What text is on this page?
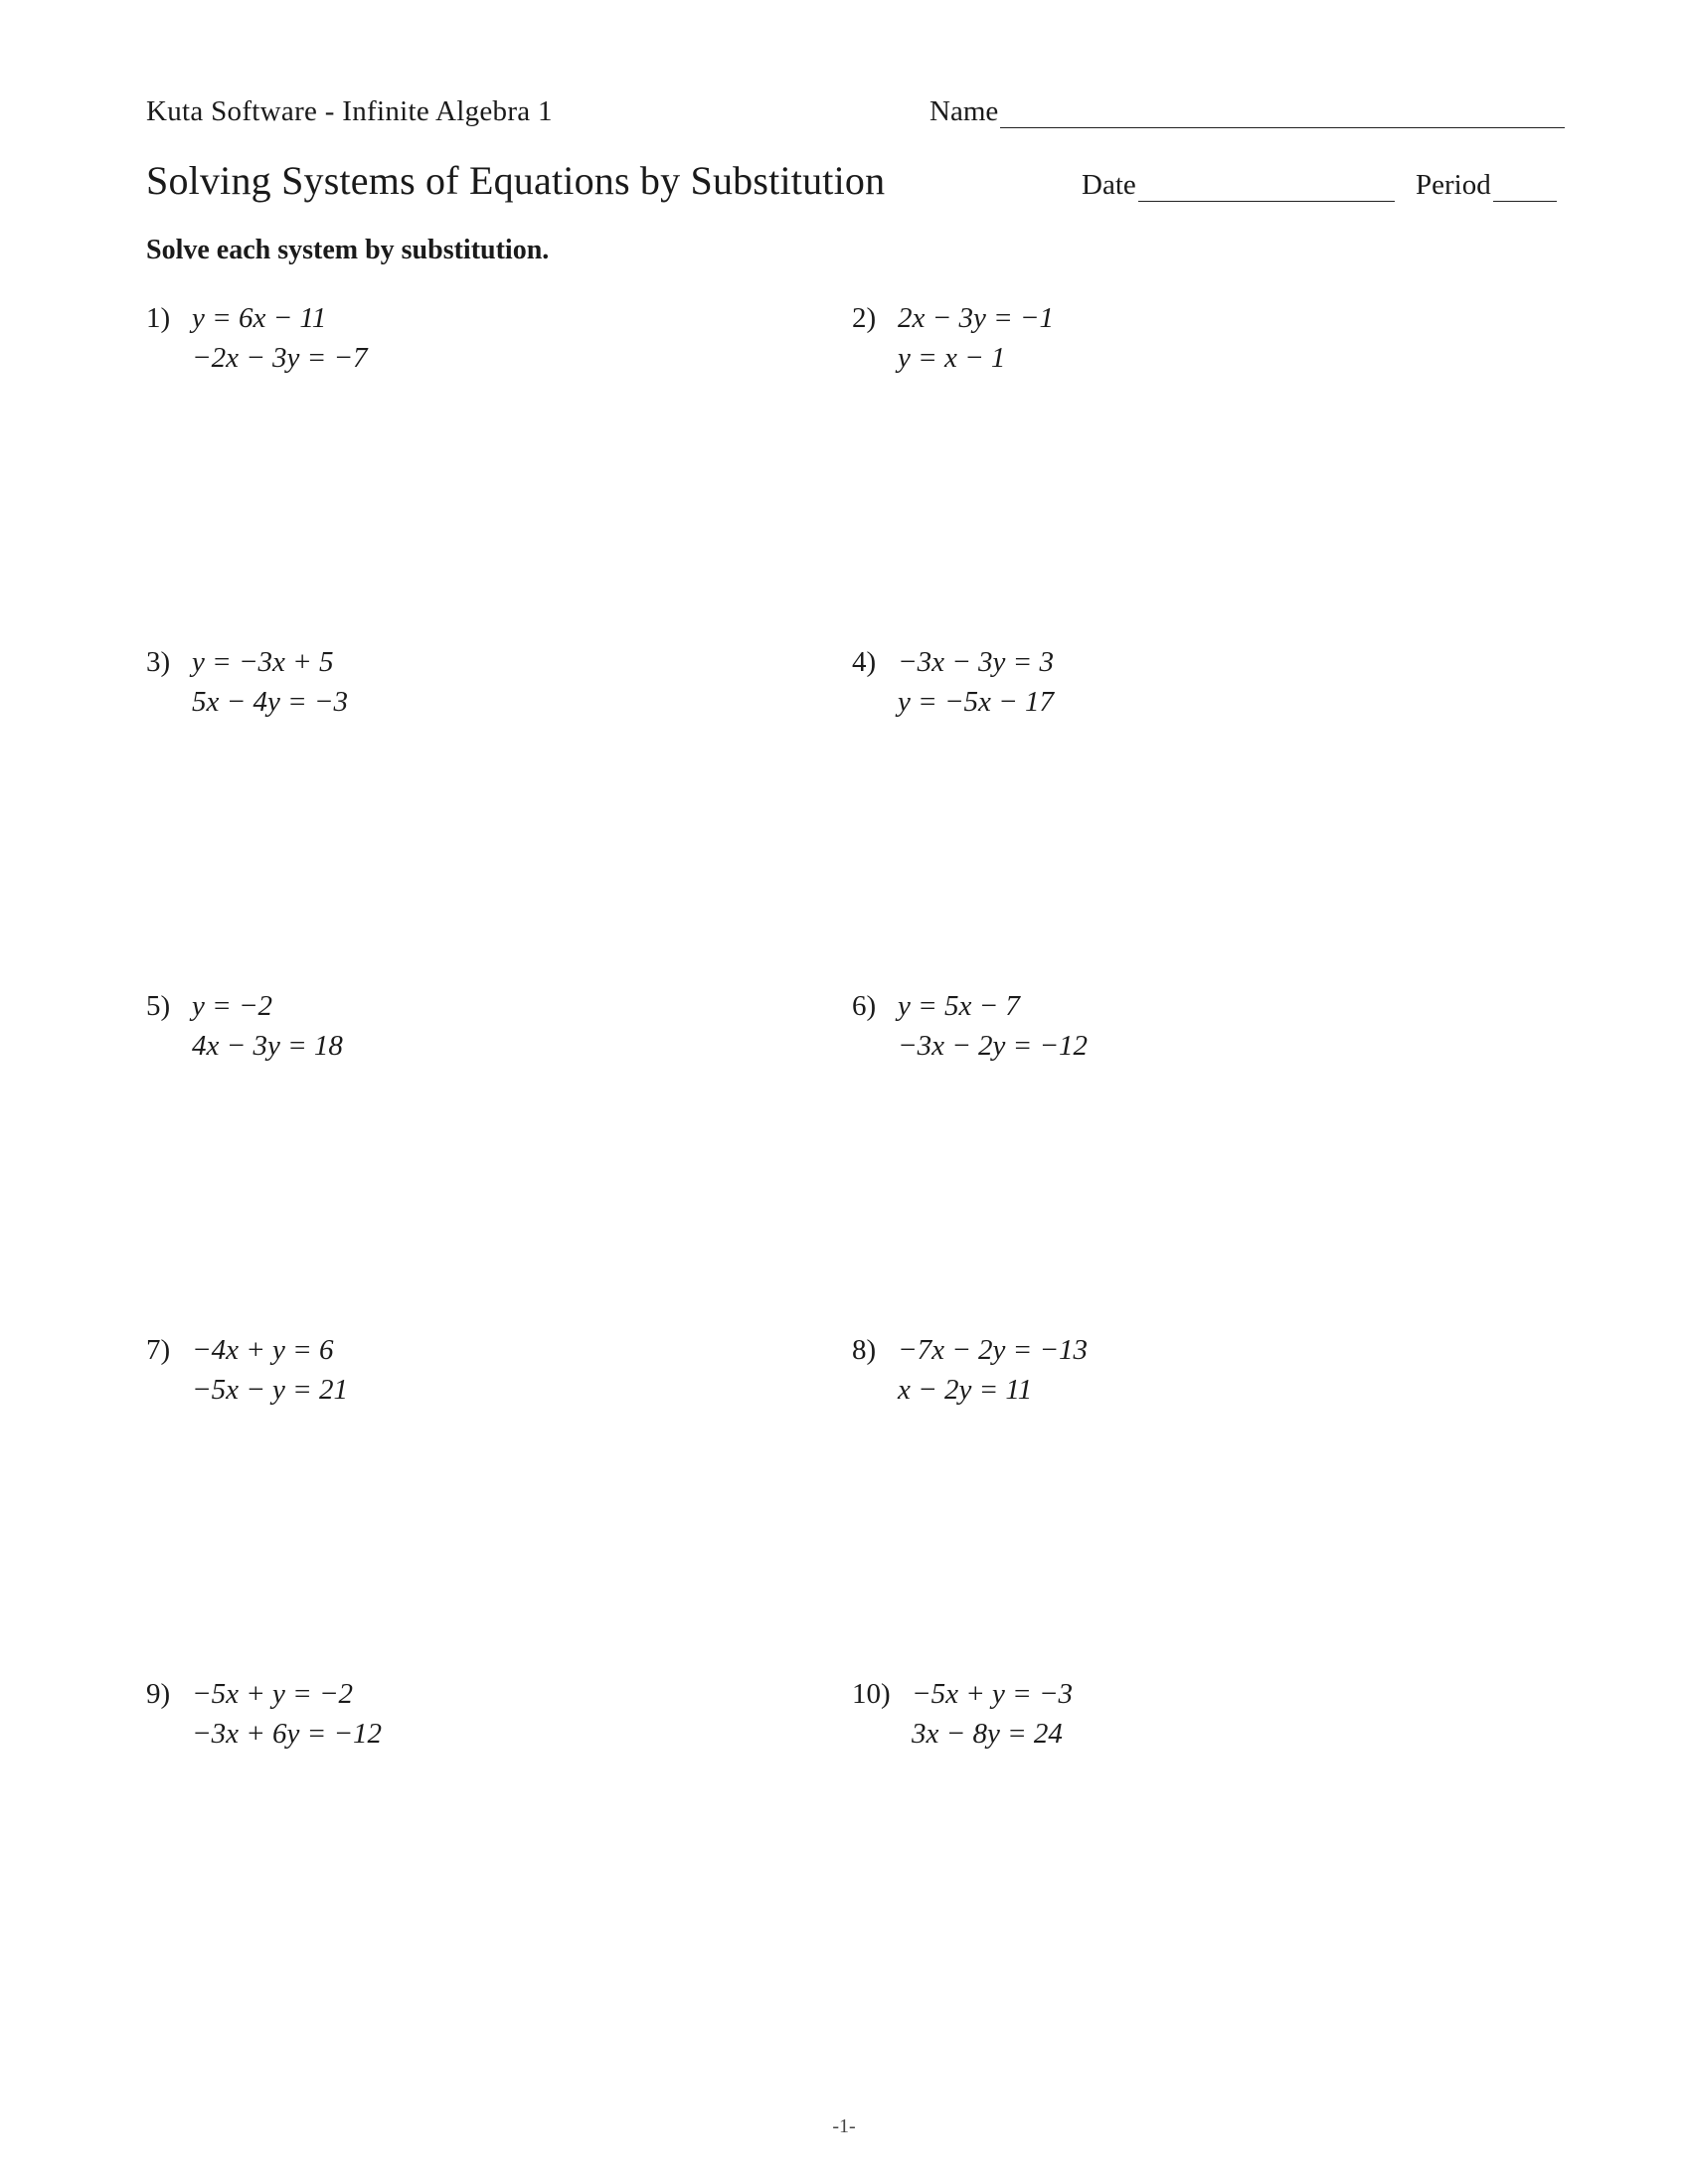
Kuta Software - Infinite Algebra 1	Name
Solving Systems of Equations by Substitution	Date	Period
Solve each system by substitution.
1) y = 6x − 11
−2x − 3y = −7
2) 2x − 3y = −1
y = x − 1
3) y = −3x + 5
5x − 4y = −3
4) −3x − 3y = 3
y = −5x − 17
5) y = −2
4x − 3y = 18
6) y = 5x − 7
−3x − 2y = −12
7) −4x + y = 6
−5x − y = 21
8) −7x − 2y = −13
x − 2y = 11
9) −5x + y = −2
−3x + 6y = −12
10) −5x + y = −3
3x − 8y = 24
-1-
